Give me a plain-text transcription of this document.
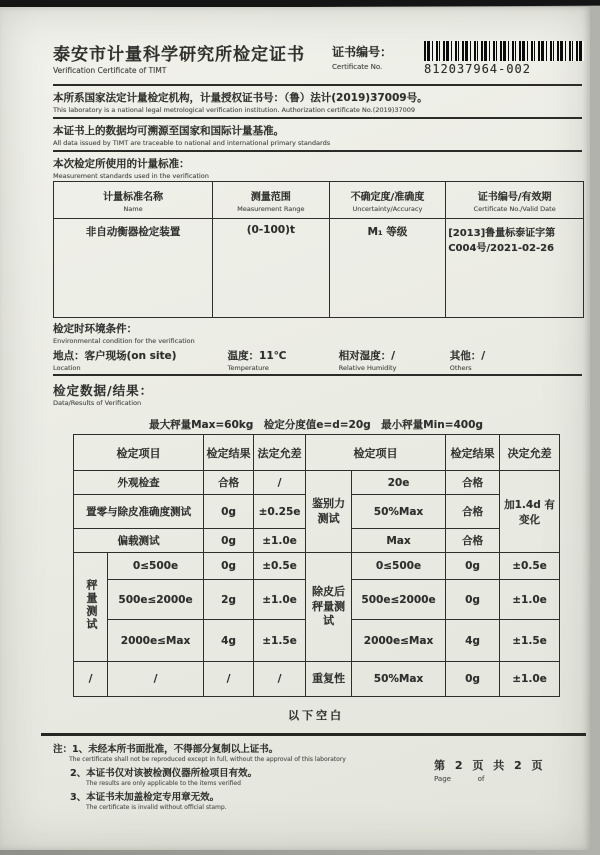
泰安市计量科学研究所检定证书
Verification Certificate of TIMT
证书编号：
Certificate No.	812037964-002
本所系国家法定计量检定机构，计量授权证书号：（鲁）法计(2019)37009号。
This laboratory is a national legal metrological verification institution. Authorization certificate No.(2019)37009
本证书上的数据均可溯源至国家和国际计量基准。
All data issued by TIMT are traceable to national and international primary standards
本次检定所使用的计量标准：
Measurement standards used in the verification
计量标准名称
Name

测量范围
Measurement Range

不确定度/准确度
Uncertainty/Accuracy

证书编号/有效期
Certificate No./Valid Date

非自动衡器检定装置	(0-100)t	M₁ 等级	[2013]鲁量标泰证字第C004号/2021-02-26
检定时环境条件：
Environmental condition for the verification
地点：客户现场(on site)
Location
温度：11℃
Temperature
相对湿度：/
Relative Humidity
其他：/
Others
检定数据/结果：
Data/Results of Verification
最大秤量Max=60kg　检定分度值e=d=20g　最小秤量Min=400g
检定项目		检定结果	法定允差	检定项目		检定结果	决定允差
外观检查		合格	/	鉴别力测试	20e	合格	加1.4d 有变化
置零与除皮准确度测试		0g	±0.25e		50%Max	合格	
偏载测试		0g	±1.0e		Max	合格	
秤量测试	0≤500e	0g	±0.5e	除皮后秤量测试	0≤500e	0g	±0.5e
	500e≤2000e	2g	±1.0e		500e≤2000e	0g	±1.0e
	2000e≤Max	4g	±1.5e		2000e≤Max	4g	±1.5e
/	/	/	/	重复性	50%Max	0g	±1.0e
以下空白
注： 1、未经本所书面批准，不得部分复制以上证书。
The certificate shall not be reproduced except in full, without the approval of this laboratory
2、本证书仅对该被检测仪器所检项目有效。
The results are only applicable to the items verified
3、本证书未加盖检定专用章无效。
The certificate is invalid without official stamp.
第 2 页 共 2 页
Page            of
